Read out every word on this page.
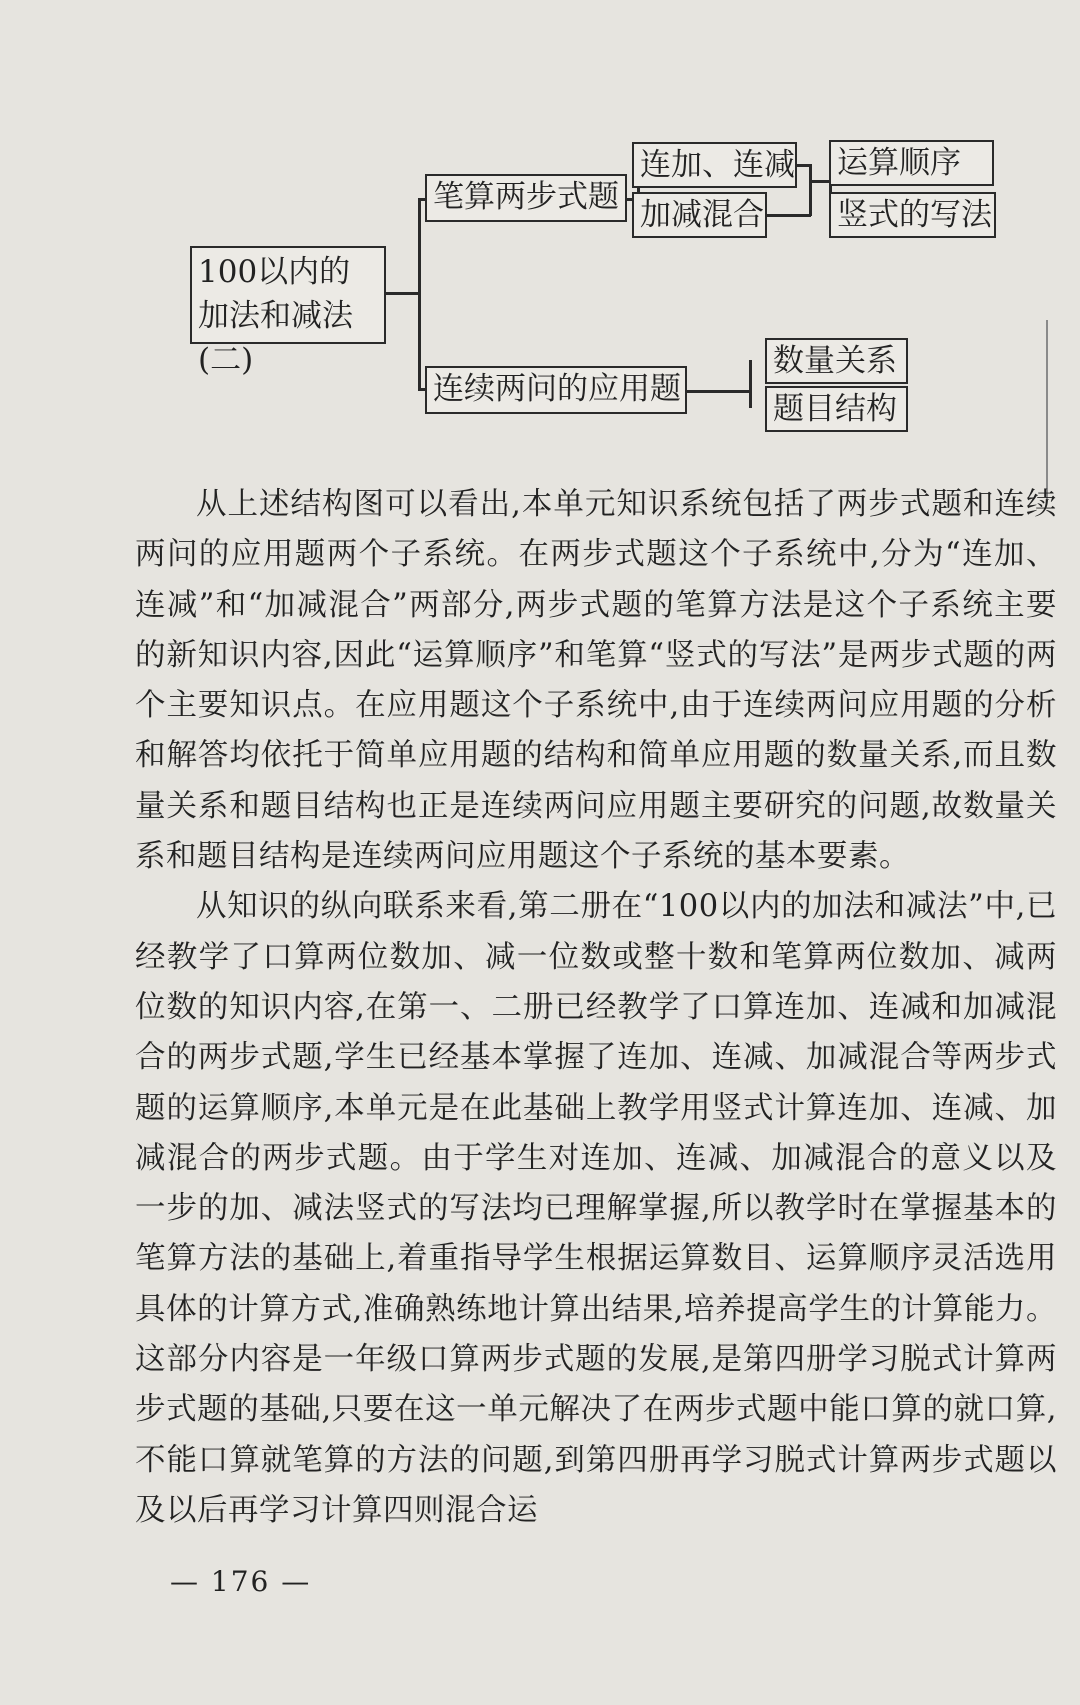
100以内的加法和减法(二)
笔算两步式题
连加、连减
加减混合
运算顺序
竖式的写法
连续两问的应用题
数量关系
题目结构

从上述结构图可以看出,本单元知识系统包括了两步式题和连续两问的应用题两个子系统。在两步式题这个子系统中,分为“连加、连减”和“加减混合”两部分,两步式题的笔算方法是这个子系统主要的新知识内容,因此“运算顺序”和笔算“竖式的写法”是两步式题的两个主要知识点。在应用题这个子系统中,由于连续两问应用题的分析和解答均依托于简单应用题的结构和简单应用题的数量关系,而且数量关系和题目结构也正是连续两问应用题主要研究的问题,故数量关系和题目结构是连续两问应用题这个子系统的基本要素。

从知识的纵向联系来看,第二册在“100以内的加法和减法”中,已经教学了口算两位数加、减一位数或整十数和笔算两位数加、减两位数的知识内容,在第一、二册已经教学了口算连加、连减和加减混合的两步式题,学生已经基本掌握了连加、连减、加减混合等两步式题的运算顺序,本单元是在此基础上教学用竖式计算连加、连减、加减混合的两步式题。由于学生对连加、连减、加减混合的意义以及一步的加、减法竖式的写法均已理解掌握,所以教学时在掌握基本的笔算方法的基础上,着重指导学生根据运算数目、运算顺序灵活选用具体的计算方式,准确熟练地计算出结果,培养提高学生的计算能力。这部分内容是一年级口算两步式题的发展,是第四册学习脱式计算两步式题的基础,只要在这一单元解决了在两步式题中能口算的就口算,不能口算就笔算的方法的问题,到第四册再学习脱式计算两步式题以及以后再学习计算四则混合运

— 176 —
